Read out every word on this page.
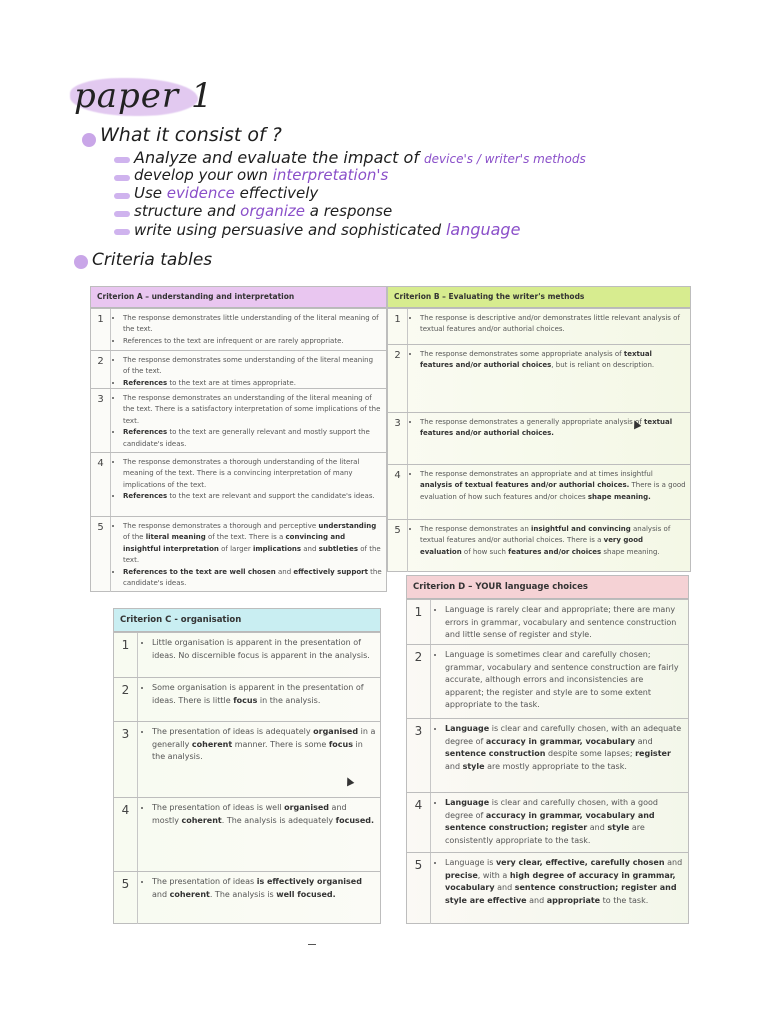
paper 1
What it consist of ?
Analyze and evaluate the impact of device's / writer's methods
develop your own interpretation's
Use evidence effectively
structure and organize a response
write using persuasive and sophisticated language
Criteria tables
Criterion A – understanding and interpretation
1	• The response demonstrates little understanding of the literal meaning of the text.
• References to the text are infrequent or are rarely appropriate.
2	• The response demonstrates some understanding of the literal meaning of the text.
• References to the text are at times appropriate.
3	• The response demonstrates an understanding of the literal meaning of the text. There is a satisfactory interpretation of some implications of the text.
• References to the text are generally relevant and mostly support the candidate's ideas.
4	• The response demonstrates a thorough understanding of the literal meaning of the text. There is a convincing interpretation of many implications of the text.
• References to the text are relevant and support the candidate's ideas.
5	• The response demonstrates a thorough and perceptive understanding of the literal meaning of the text. There is a convincing and insightful interpretation of larger implications and subtleties of the text.
• References to the text are well chosen and effectively support the candidate's ideas.
Criterion B – Evaluating the writer's methods
1	• The response is descriptive and/or demonstrates little relevant analysis of textual features and/or authorial choices.
2	• The response demonstrates some appropriate analysis of textual features and/or authorial choices, but is reliant on description.
3	• The response demonstrates a generally appropriate analysis of textual features and/or authorial choices.
4	• The response demonstrates an appropriate and at times insightful analysis of textual features and/or authorial choices. There is a good evaluation of how such features and/or choices shape meaning.
5	• The response demonstrates an insightful and convincing analysis of textual features and/or authorial choices. There is a very good evaluation of how such features and/or choices shape meaning.
Criterion C - organisation
1	• Little organisation is apparent in the presentation of ideas. No discernible focus is apparent in the analysis.
2	• Some organisation is apparent in the presentation of ideas. There is little focus in the analysis.
3	• The presentation of ideas is adequately organised in a generally coherent manner. There is some focus in the analysis.
4	• The presentation of ideas is well organised and mostly coherent. The analysis is adequately focused.
5	• The presentation of ideas is effectively organised and coherent. The analysis is well focused.
Criterion D – YOUR language choices
1	• Language is rarely clear and appropriate; there are many errors in grammar, vocabulary and sentence construction and little sense of register and style.
2	• Language is sometimes clear and carefully chosen; grammar, vocabulary and sentence construction are fairly accurate, although errors and inconsistencies are apparent; the register and style are to some extent appropriate to the task.
3	• Language is clear and carefully chosen, with an adequate degree of accuracy in grammar, vocabulary and sentence construction despite some lapses; register and style are mostly appropriate to the task.
4	• Language is clear and carefully chosen, with a good degree of accuracy in grammar, vocabulary and sentence construction; register and style are consistently appropriate to the task.
5	• Language is very clear, effective, carefully chosen and precise, with a high degree of accuracy in grammar, vocabulary and sentence construction; register and style are effective and appropriate to the task.
